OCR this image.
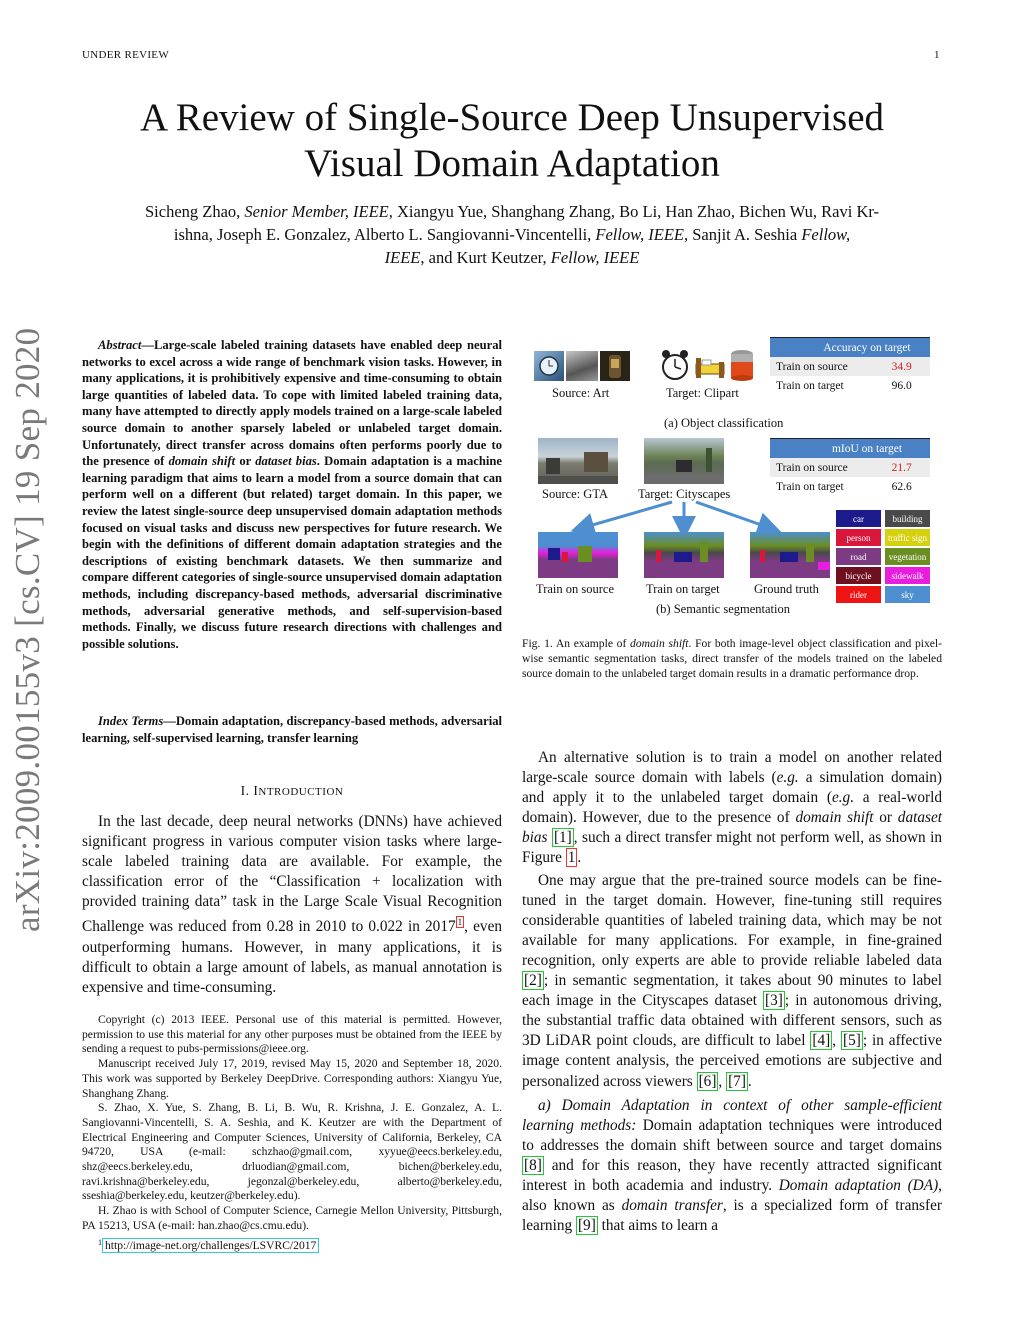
UNDER REVIEW	1
A Review of Single-Source Deep Unsupervised
Visual Domain Adaptation
Sicheng Zhao, Senior Member, IEEE, Xiangyu Yue, Shanghang Zhang, Bo Li, Han Zhao, Bichen Wu, Ravi Kr-
ishna, Joseph E. Gonzalez, Alberto L. Sangiovanni-Vincentelli, Fellow, IEEE, Sanjit A. Seshia Fellow,
IEEE, and Kurt Keutzer, Fellow, IEEE
arXiv:2009.00155v3 [cs.CV] 19 Sep 2020	Abstract—Large-scale labeled training datasets have enabled deep neural networks to excel across a wide range of benchmark vision tasks. However, in many applications, it is prohibitively expensive and time-consuming to obtain large quantities of labeled data. To cope with limited labeled training data, many have attempted to directly apply models trained on a large-scale labeled source domain to another sparsely labeled or unlabeled target domain. Unfortunately, direct transfer across domains often performs poorly due to the presence of domain shift or dataset bias. Domain adaptation is a machine learning paradigm that aims to learn a model from a source domain that can perform well on a different (but related) target domain. In this paper, we review the latest single-source deep unsupervised domain adaptation methods focused on visual tasks and discuss new perspectives for future research. We begin with the definitions of different domain adaptation strategies and the descriptions of existing benchmark datasets. We then summarize and compare different categories of single-source unsupervised domain adaptation methods, including discrepancy-based methods, adversarial discriminative methods, adversarial generative methods, and self-supervision-based methods. Finally, we discuss future research directions with challenges and possible solutions.
Index Terms—Domain adaptation, discrepancy-based methods, adversarial learning, self-supervised learning, transfer learning
I. INTRODUCTION

In the last decade, deep neural networks (DNNs) have achieved significant progress in various computer vision tasks where large-scale labeled training data are available. For example, the classification error of the “Classification + localization with provided training data” task in the Large Scale Visual Recognition Challenge was reduced from 0.28 in 2010 to 0.022 in 2017 $^1$ , even outperforming humans. However, in many applications, it is difficult to obtain a large amount of labels, as manual annotation is expensive and time-consuming.

Copyright (c) 2013 IEEE. Personal use of this material is permitted. However, permission to use this material for any other purposes must be obtained from the IEEE by sending a request to pubs-permissions@ieee.org.

Manuscript received July 17, 2019, revised May 15, 2020 and September 18, 2020. This work was supported by Berkeley DeepDrive. Corresponding authors: Xiangyu Yue, Shanghang Zhang.

S. Zhao, X. Yue, S. Zhang, B. Li, B. Wu, R. Krishna, J. E. Gonzalez, A. L. Sangiovanni-Vincentelli, S. A. Seshia, and K. Keutzer are with the Department of Electrical Engineering and Computer Sciences, University of California, Berkeley, CA 94720, USA (e-mail: schzhao@gmail.com, xyyue@eecs.berkeley.edu, shz@eecs.berkeley.edu, drluodian@gmail.com, bichen@berkeley.edu, ravi.krishna@berkeley.edu, jegonzal@berkeley.edu, alberto@berkeley.edu, sseshia@berkeley.edu, keutzer@berkeley.edu).

H. Zhao is with School of Computer Science, Carnegie Mellon University, Pittsburgh, PA 15213, USA (e-mail: han.zhao@cs.cmu.edu).

$^1$ http://image-net.org/challenges/LSVRC/2017

Source: Art	Target: Clipart
(a) Object classification
Accuracy on target	
Train on source	34.9
Train on target	96.0
Source: GTA Target: Cityscapes
mIoU on target	
Train on source	21.7
Train on target	62.6
Train on source	Train on target	Ground truth
(b) Semantic segmentation
car	building
person	traffic sign
road	vegetation
bicycle	sidewalk
rider	sky
Fig. 1. An example of domain shift. For both image-level object classification and pixel-wise semantic segmentation tasks, direct transfer of the models trained on the labeled source domain to the unlabeled target domain results in a dramatic performance drop.

An alternative solution is to train a model on another related large-scale source domain with labels (e.g. a simulation domain) and apply it to the unlabeled target domain (e.g. a real-world domain). However, due to the presence of domain shift or dataset bias [1] , such a direct transfer might not perform well, as shown in Figure 1 .

One may argue that the pre-trained source models can be fine-tuned in the target domain. However, fine-tuning still requires considerable quantities of labeled training data, which may be not available for many applications. For example, in fine-grained recognition, only experts are able to provide reliable labeled data [2] ; in semantic segmentation, it takes about 90 minutes to label each image in the Cityscapes dataset [3] ; in autonomous driving, the substantial traffic data obtained with different sensors, such as 3D LiDAR point clouds, are difficult to label [4] , [5] ; in affective image content analysis, the perceived emotions are subjective and personalized across viewers [6] , [7] .

a) Domain Adaptation in context of other sample-efficient learning methods: Domain adaptation techniques were introduced to addresses the domain shift between source and target domains [8] and for this reason, they have recently attracted significant interest in both academia and industry. Domain adaptation (DA), also known as domain transfer, is a specialized form of transfer learning [9] that aims to learn a
